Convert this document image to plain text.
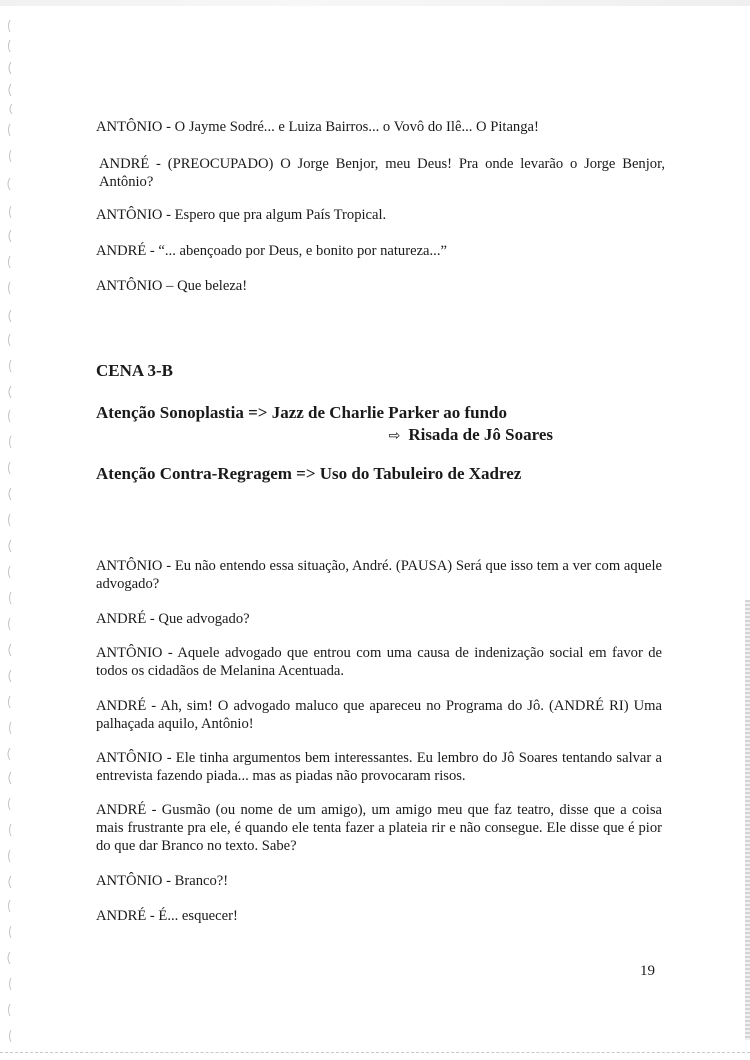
ANTÔNIO - O Jayme Sodré... e Luiza Bairros... o Vovô do Ilê... O Pitanga!
ANDRÉ - (PREOCUPADO) O Jorge Benjor, meu Deus! Pra onde levarão o Jorge Benjor, Antônio?
ANTÔNIO - Espero que pra algum País Tropical.
ANDRÉ - “... abençoado por Deus, e bonito por natureza...”
ANTÔNIO – Que beleza!
CENA 3-B
Atenção Sonoplastia => Jazz de Charlie Parker ao fundo
⇨ Risada de Jô Soares
Atenção Contra-Regragem => Uso do Tabuleiro de Xadrez
ANTÔNIO - Eu não entendo essa situação, André. (PAUSA) Será que isso tem a ver com aquele advogado?
ANDRÉ - Que advogado?
ANTÔNIO - Aquele advogado que entrou com uma causa de indenização social em favor de todos os cidadãos de Melanina Acentuada.
ANDRÉ - Ah, sim! O advogado maluco que apareceu no Programa do Jô. (ANDRÉ RI) Uma palhaçada aquilo, Antônio!
ANTÔNIO - Ele tinha argumentos bem interessantes. Eu lembro do Jô Soares tentando salvar a entrevista fazendo piada... mas as piadas não provocaram risos.
ANDRÉ - Gusmão (ou nome de um amigo), um amigo meu que faz teatro, disse que a coisa mais frustrante pra ele, é quando ele tenta fazer a plateia rir e não consegue. Ele disse que é pior do que dar Branco no texto. Sabe?
ANTÔNIO - Branco?!
ANDRÉ - É... esquecer!
19
